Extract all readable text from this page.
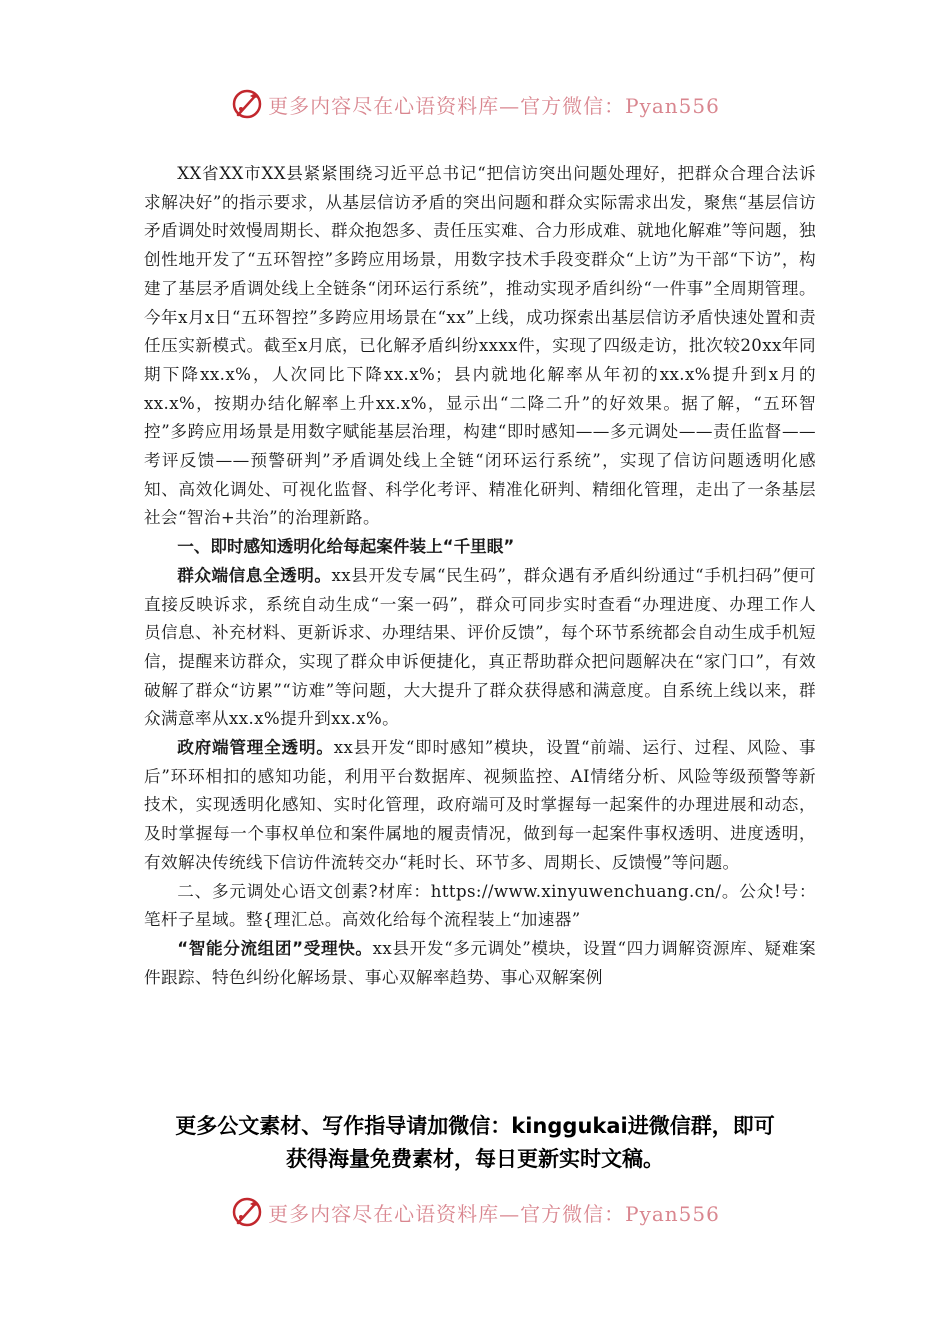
更多内容尽在心语资料库—官方微信：Pyan556

XX省XX市XX县紧紧围绕习近平总书记“把信访突出问题处理好，把群众合理合法诉求解决好”的指示要求，从基层信访矛盾的突出问题和群众实际需求出发，聚焦“基层信访矛盾调处时效慢周期长、群众抱怨多、责任压实难、合力形成难、就地化解难”等问题，独创性地开发了“五环智控”多跨应用场景，用数字技术手段变群众“上访”为干部“下访”，构建了基层矛盾调处线上全链条“闭环运行系统”，推动实现矛盾纠纷“一件事”全周期管理。今年x月x日“五环智控”多跨应用场景在“xx”上线，成功探索出基层信访矛盾快速处置和责任压实新模式。截至x月底，已化解矛盾纠纷xxxx件，实现了四级走访，批次较20xx年同期下降xx.x%，人次同比下降xx.x%；县内就地化解率从年初的xx.x%提升到x月的xx.x%，按期办结化解率上升xx.x%，显示出“二降二升”的好效果。据了解，“五环智控”多跨应用场景是用数字赋能基层治理，构建“即时感知——多元调处——责任监督——考评反馈——预警研判”矛盾调处线上全链“闭环运行系统”，实现了信访问题透明化感知、高效化调处、可视化监督、科学化考评、精准化研判、精细化管理，走出了一条基层社会“智治+共治”的治理新路。

一、即时感知透明化给每起案件装上“千里眼”

群众端信息全透明。xx县开发专属“民生码”，群众遇有矛盾纠纷通过“手机扫码”便可直接反映诉求，系统自动生成“一案一码”，群众可同步实时查看“办理进度、办理工作人员信息、补充材料、更新诉求、办理结果、评价反馈”，每个环节系统都会自动生成手机短信，提醒来访群众，实现了群众申诉便捷化，真正帮助群众把问题解决在“家门口”，有效破解了群众“访累”“访难”等问题，大大提升了群众获得感和满意度。自系统上线以来，群众满意率从xx.x%提升到xx.x%。

政府端管理全透明。xx县开发“即时感知”模块，设置“前端、运行、过程、风险、事后”环环相扣的感知功能，利用平台数据库、视频监控、AI情绪分析、风险等级预警等新技术，实现透明化感知、实时化管理，政府端可及时掌握每一起案件的办理进展和动态，及时掌握每一个事权单位和案件属地的履责情况，做到每一起案件事权透明、进度透明，有效解决传统线下信访件流转交办“耗时长、环节多、周期长、反馈慢”等问题。

二、多元调处心语文创素?材库：https://www.xinyuwenchuang.cn/。公众!号：笔杆子星域。整{理汇总。高效化给每个流程装上“加速器”

“智能分流组团”受理快。xx县开发“多元调处”模块，设置“四力调解资源库、疑难案件跟踪、特色纠纷化解场景、事心双解率趋势、事心双解案例

更多公文素材、写作指导请加微信：kinggukai进微信群，即可
获得海量免费素材，每日更新实时文稿。
更多内容尽在心语资料库—官方微信：Pyan556
